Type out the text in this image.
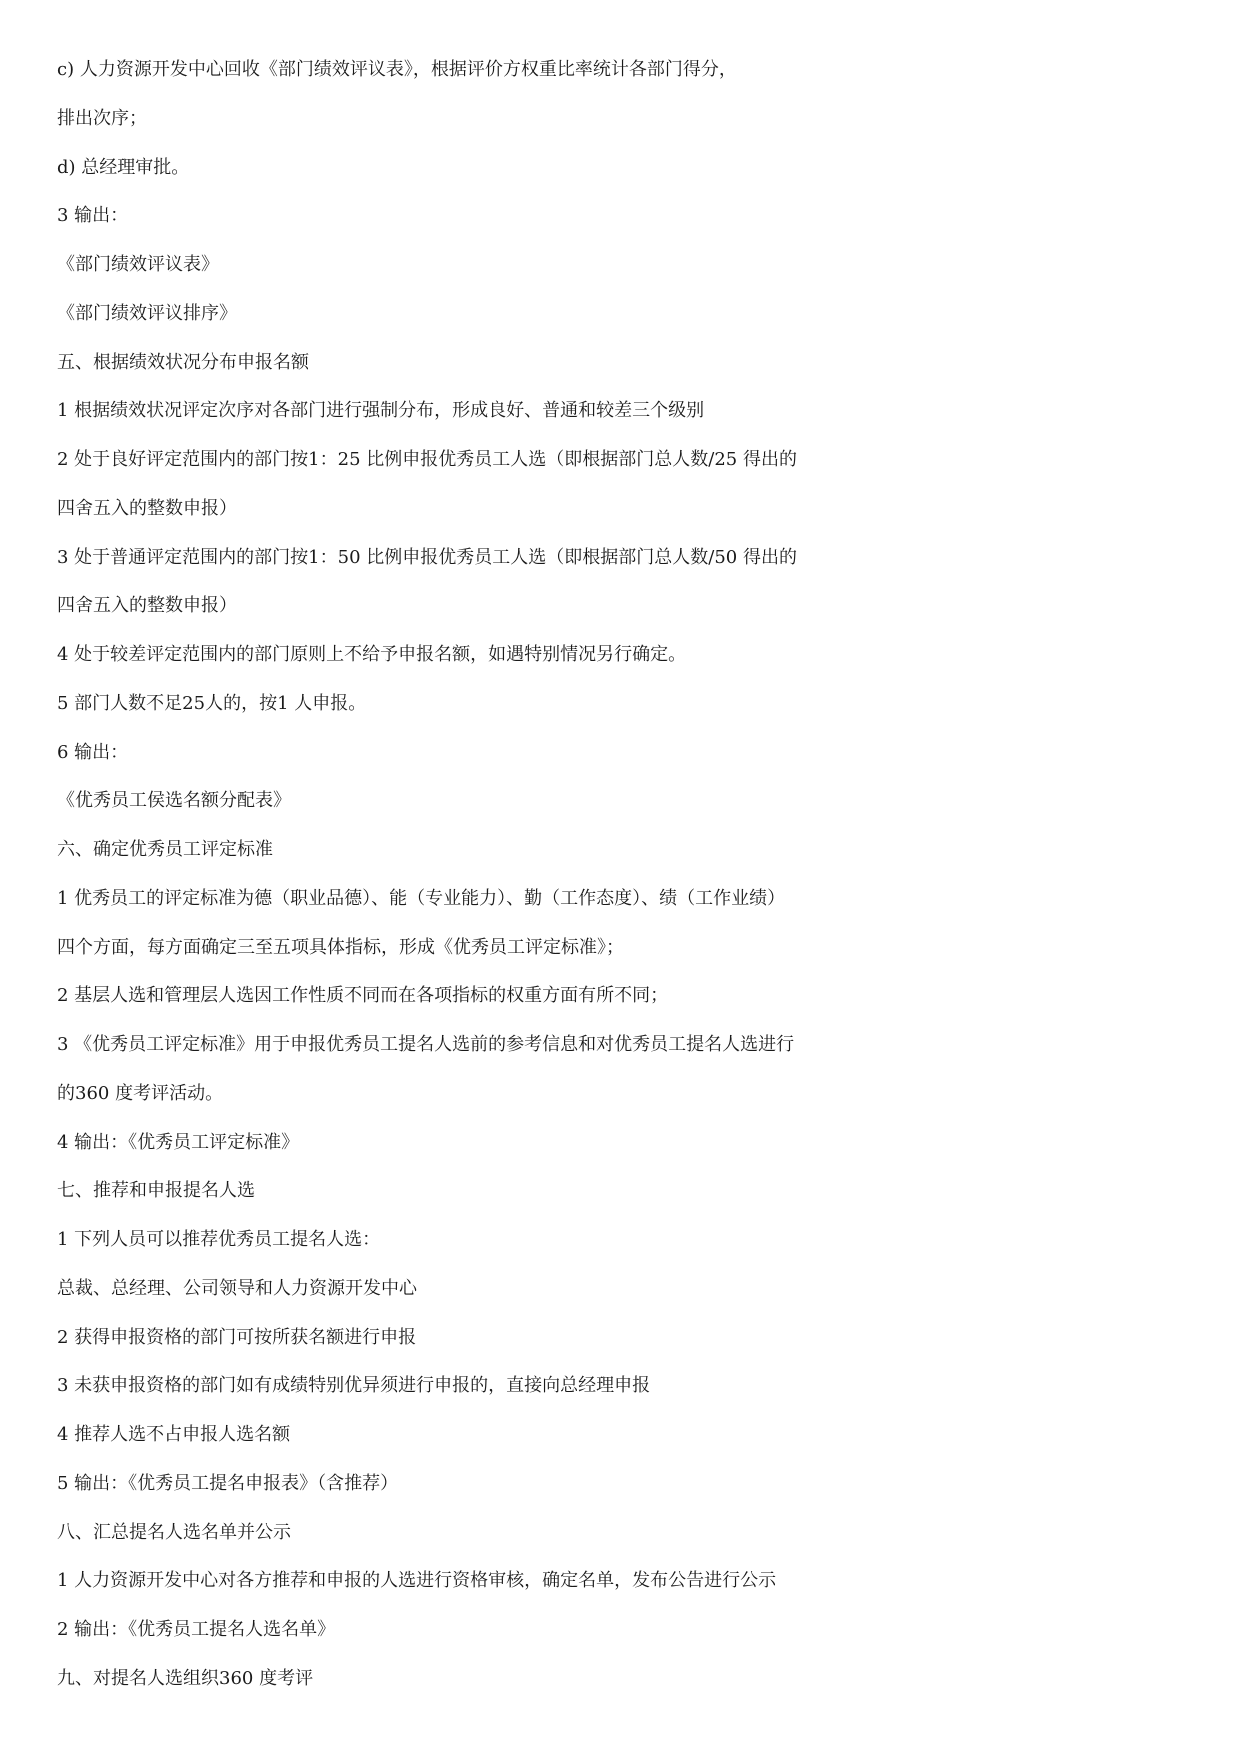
c) 人力资源开发中心回收《部门绩效评议表》，根据评价方权重比率统计各部门得分，
排出次序；
d) 总经理审批。
3 输出：
《部门绩效评议表》
《部门绩效评议排序》
五、根据绩效状况分布申报名额
1 根据绩效状况评定次序对各部门进行强制分布，形成良好、普通和较差三个级别
2 处于良好评定范围内的部门按1：25 比例申报优秀员工人选（即根据部门总人数/25 得出的
四舍五入的整数申报）
3 处于普通评定范围内的部门按1：50 比例申报优秀员工人选（即根据部门总人数/50 得出的
四舍五入的整数申报）
4 处于较差评定范围内的部门原则上不给予申报名额，如遇特别情况另行确定。
5 部门人数不足25人的，按1 人申报。
6 输出：
《优秀员工侯选名额分配表》
六、确定优秀员工评定标准
1 优秀员工的评定标准为德（职业品德）、能（专业能力）、勤（工作态度）、绩（工作业绩）
四个方面，每方面确定三至五项具体指标，形成《优秀员工评定标准》；
2 基层人选和管理层人选因工作性质不同而在各项指标的权重方面有所不同；
3 《优秀员工评定标准》用于申报优秀员工提名人选前的参考信息和对优秀员工提名人选进行
的360 度考评活动。
4 输出：《优秀员工评定标准》
七、推荐和申报提名人选
1 下列人员可以推荐优秀员工提名人选：
总裁、总经理、公司领导和人力资源开发中心
2 获得申报资格的部门可按所获名额进行申报
3 未获申报资格的部门如有成绩特别优异须进行申报的，直接向总经理申报
4 推荐人选不占申报人选名额
5 输出：《优秀员工提名申报表》（含推荐）
八、汇总提名人选名单并公示
1 人力资源开发中心对各方推荐和申报的人选进行资格审核，确定名单，发布公告进行公示
2 输出：《优秀员工提名人选名单》
九、对提名人选组织360 度考评
